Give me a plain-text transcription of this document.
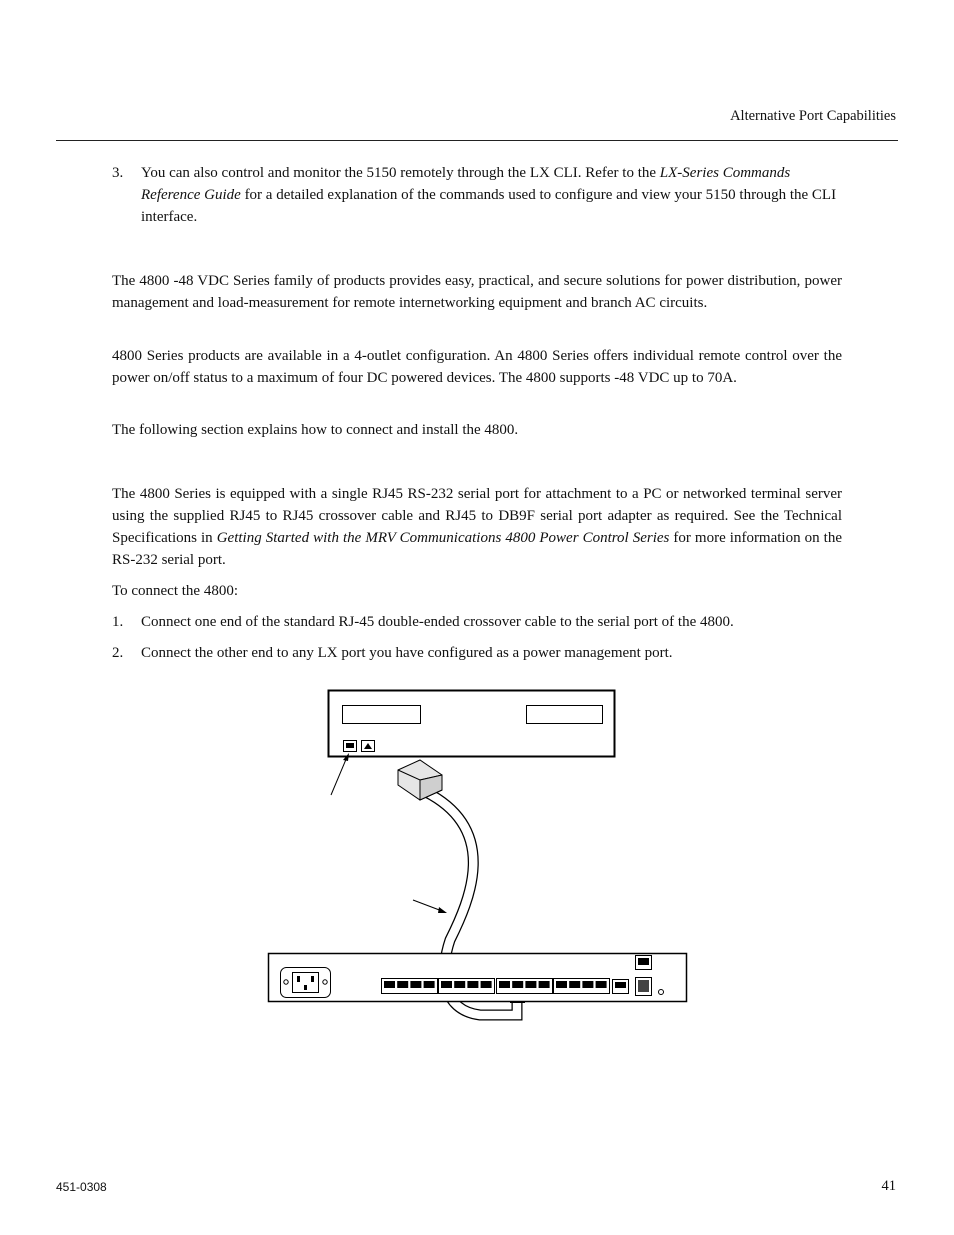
Alternative Port Capabilities
3. You can also control and monitor the 5150 remotely through the LX CLI. Refer to the LX-Series Commands Reference Guide for a detailed explanation of the commands used to configure and view your 5150 through the CLI interface.
The 4800 -48 VDC Series family of products provides easy, practical, and secure solutions for power distribution, power management and load-measurement for remote internetworking equipment and branch AC circuits.
4800 Series products are available in a 4-outlet configuration. An 4800 Series offers individual remote control over the power on/off status to a maximum of four DC powered devices. The 4800 supports -48 VDC up to 70A.
The following section explains how to connect and install the 4800.
The 4800 Series is equipped with a single RJ45 RS-232 serial port for attachment to a PC or networked terminal server using the supplied RJ45 to RJ45 crossover cable and RJ45 to DB9F serial port adapter as required. See the Technical Specifications in Getting Started with the MRV Communications 4800 Power Control Series for more information on the RS-232 serial port.
To connect the 4800:
1. Connect one end of the standard RJ-45 double-ended crossover cable to the serial port of the 4800.
2. Connect the other end to any LX port you have configured as a power management port.
451-0308	41
